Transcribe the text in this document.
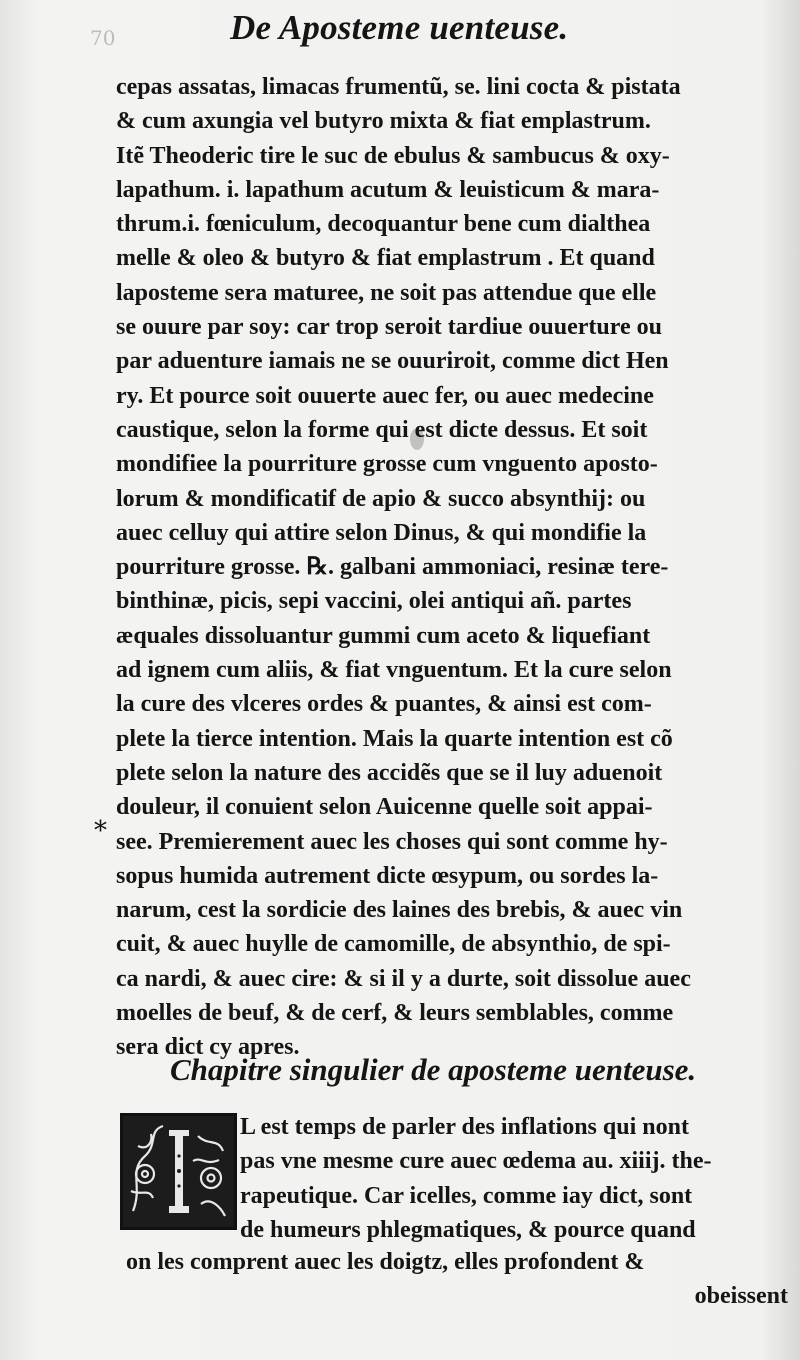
70	De Aposteme uenteuse.
cepas assatas, limacas frumentũ, se. lini cocta & pistata
& cum axungia vel butyro mixta & fiat emplastrum.
Itẽ Theoderic tire le suc de ebulus & sambucus & oxy-
lapathum. i. lapathum acutum & leuisticum & mara-
thrum.i. fœniculum, decoquantur bene cum dialthea
melle & oleo & butyro & fiat emplastrum . Et quand
laposteme sera maturee, ne soit pas attendue que elle
se ouure par soy: car trop seroit tardiue ouuerture ou
par aduenture iamais ne se ouuriroit, comme dict Hen
ry. Et pource soit ouuerte auec fer, ou auec medecine
caustique, selon la forme qui est dicte dessus. Et soit
mondifiee la pourriture grosse cum vnguento aposto-
lorum & mondificatif de apio & succo absynthij: ou
auec celluy qui attire selon Dinus, & qui mondifie la
pourriture grosse. ℞. galbani ammoniaci, resinæ tere-
binthinæ, picis, sepi vaccini, olei antiqui añ. partes
æquales dissoluantur gummi cum aceto & liquefiant
ad ignem cum aliis, & fiat vnguentum. Et la cure selon
la cure des vlceres ordes & puantes, & ainsi est com-
plete la tierce intention. Mais la quarte intention est cõ
plete selon la nature des accidẽs que se il luy aduenoit
douleur, il conuient selon Auicenne quelle soit appai-
see. Premierement auec les choses qui sont comme hy-
sopus humida autrement dicte œsypum, ou sordes la-
narum, cest la sordicie des laines des brebis, & auec vin
cuit, & auec huylle de camomille, de absynthio, de spi-
ca nardi, & auec cire: & si il y a durte, soit dissolue auec
moelles de beuf, & de cerf, & leurs semblables, comme
sera dict cy apres.
*
Chapitre singulier de aposteme uenteuse.
L est temps de parler des inflations qui nont
pas vne mesme cure auec œdema au. xiiij. the-
rapeutique. Car icelles, comme iay dict, sont
de humeurs phlegmatiques, & pource quand
on les comprent auec les doigtz, elles profondent &
obeissent
